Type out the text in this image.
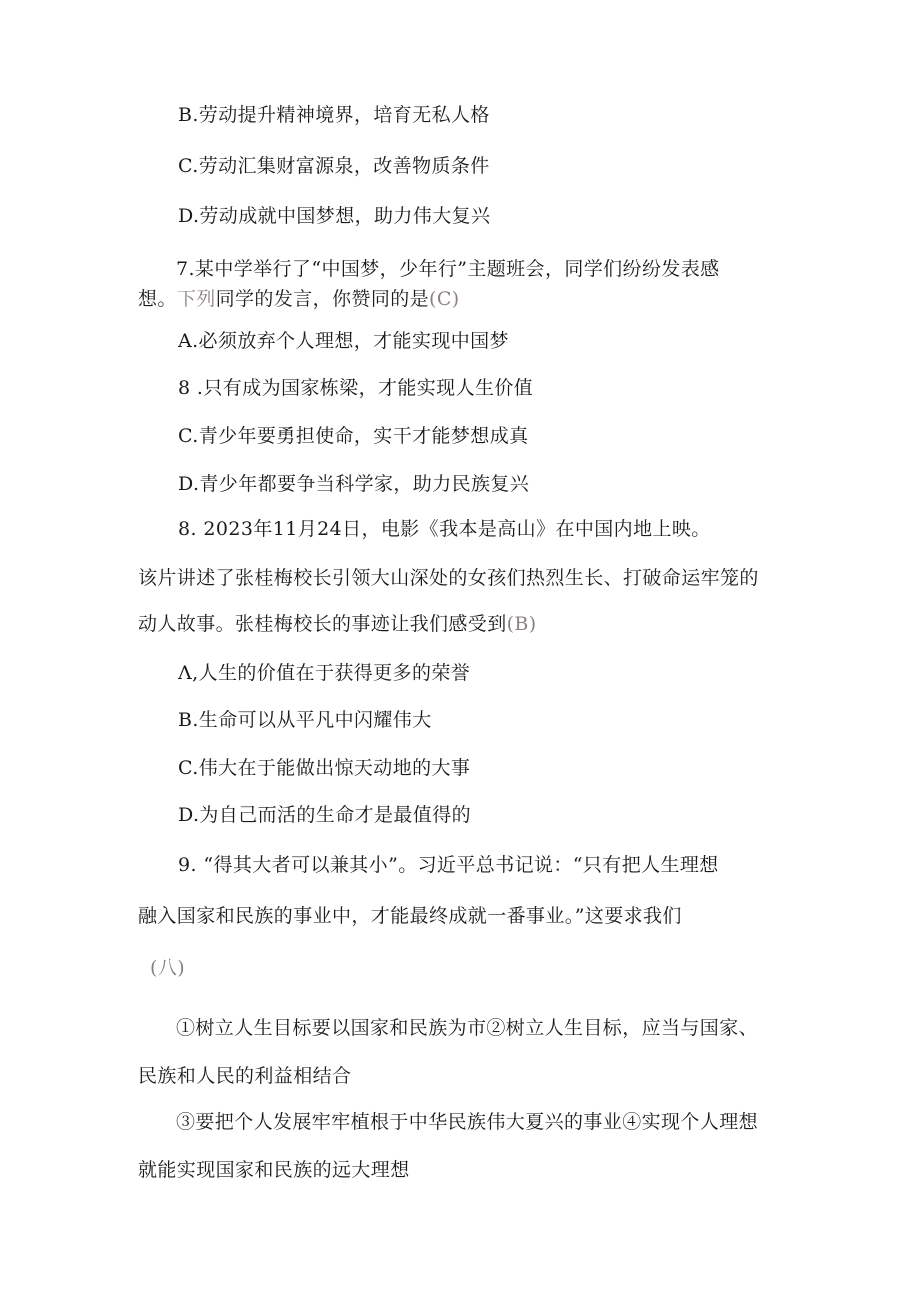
B.劳动提升精神境界，培育无私人格
C.劳动汇集财富源泉，改善物质条件
D.劳动成就中国梦想，助力伟大复兴
7.某中学举行了“中国梦，少年行”主题班会，同学们纷纷发表感
想。下列同学的发言，你赞同的是(C)
A.必须放弃个人理想，才能实现中国梦
8 .只有成为国家栋梁，才能实现人生价值
C.青少年要勇担使命，实干才能梦想成真
D.青少年都要争当科学家，助力民族复兴
8. 2023年11月24日，电影《我本是高山》在中国内地上映。
该片讲述了张桂梅校长引领大山深处的女孩们热烈生长、打破命运牢笼的
动人故事。张桂梅校长的事迹让我们感受到(B)
Λ,人生的价值在于获得更多的荣誉
B.生命可以从平凡中闪耀伟大
C.伟大在于能做出惊天动地的大事
D.为自己而活的生命才是最值得的
9. “得其大者可以兼其小”。习近平总书记说：“只有把人生理想
融入国家和民族的事业中，才能最终成就一番事业。”这要求我们
(八)
①树立人生目标要以国家和民族为市②树立人生目标，应当与国家、
民族和人民的利益相结合
③要把个人发展牢牢植根于中华民族伟大夏兴的事业④实现个人理想
就能实现国家和民族的远大理想
